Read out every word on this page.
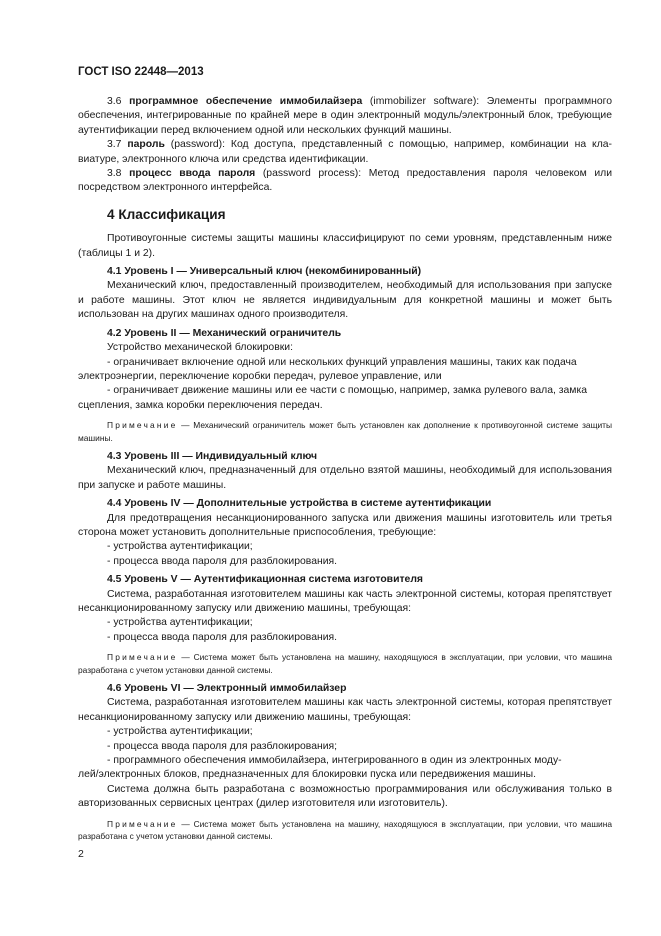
ГОСТ ISO 22448—2013

3.6 программное обеспечение иммобилайзера (immobilizer software): Элементы программного обеспечения, интегрированные по крайней мере в один электронный модуль/электронный блок, требующие аутентификации перед включением одной или нескольких функций машины.

3.7 пароль (password): Код доступа, представленный с помощью, например, комбинации на кла- виатуре, электронного ключа или средства идентификации.

3.8 процесс ввода пароля (password process): Метод предоставления пароля человеком или посредством электронного интерфейса.

4 Классификация

Противоугонные системы защиты машины классифицируют по семи уровням, представленным ниже (таблицы 1 и 2).

4.1 Уровень I — Универсальный ключ (некомбинированный)

Механический ключ, предоставленный производителем, необходимый для использования при запуске и работе машины. Этот ключ не является индивидуальным для конкретной машины и может быть использован на других машинах одного производителя.

4.2 Уровень II — Механический ограничитель

Устройство механической блокировки:

- ограничивает включение одной или нескольких функций управления машины, таких как подача

электроэнергии, переключение коробки передач, рулевое управление, или

- ограничивает движение машины или ее части с помощью, например, замка рулевого вала, замка

сцепления, замка коробки переключения передач.

Примечание — Механический ограничитель может быть установлен как дополнение к противоугонной системе защиты машины.

4.3 Уровень III — Индивидуальный ключ

Механический ключ, предназначенный для отдельно взятой машины, необходимый для использования при запуске и работе машины.

4.4 Уровень IV — Дополнительные устройства в системе аутентификации

Для предотвращения несанкционированного запуска или движения машины изготовитель или третья сторона может установить дополнительные приспособления, требующие:

- устройства аутентификации;

- процесса ввода пароля для разблокирования.

4.5 Уровень V — Аутентификационная система изготовителя

Система, разработанная изготовителем машины как часть электронной системы, которая препятствует несанкционированному запуску или движению машины, требующая:

- устройства аутентификации;

- процесса ввода пароля для разблокирования.

Примечание — Система может быть установлена на машину, находящуюся в эксплуатации, при условии, что машина разработана с учетом установки данной системы.

4.6 Уровень VI — Электронный иммобилайзер

Система, разработанная изготовителем машины как часть электронной системы, которая препятствует несанкционированному запуску или движению машины, требующая:

- устройства аутентификации;

- процесса ввода пароля для разблокирования;

- программного обеспечения иммобилайзера, интегрированного в один из электронных моду-

лей/электронных блоков, предназначенных для блокировки пуска или передвижения машины.

Система должна быть разработана с возможностью программирования или обслуживания только в авторизованных сервисных центрах (дилер изготовителя или изготовитель).

Примечание — Система может быть установлена на машину, находящуюся в эксплуатации, при условии, что машина разработана с учетом установки данной системы.

2
